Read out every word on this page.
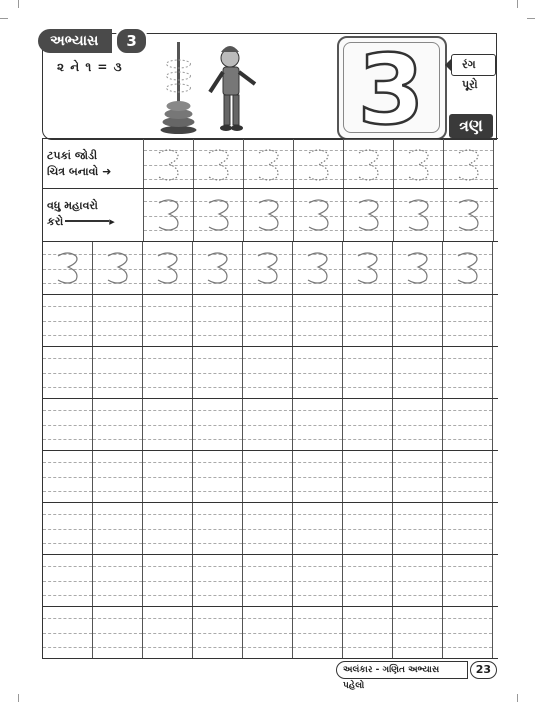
૨ ને ૧ = ૩ 3	રંગ પૂરો
ત્રણ
અભ્યાસ	3
ટપકાં જોડી
ચિત્ર બનાવો ➜
વધુ મહાવરો
કરો	▸
અલંકાર - ગણિત અભ્યાસ પહેલો
23
